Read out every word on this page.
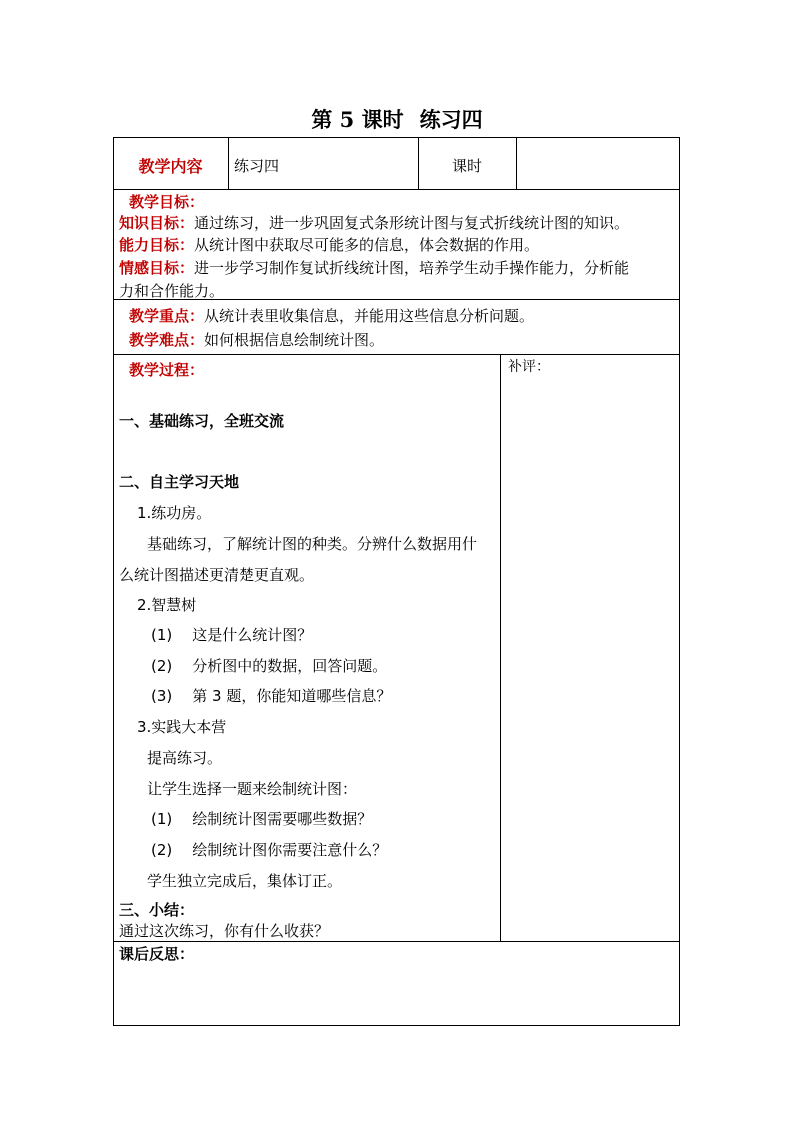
第 5 课时 练习四
教学内容	练习四	课时
教学目标：
知识目标：通过练习，进一步巩固复式条形统计图与复式折线统计图的知识。
能力目标：从统计图中获取尽可能多的信息，体会数据的作用。
情感目标：进一步学习制作复试折线统计图，培养学生动手操作能力，分析能
力和合作能力。
教学重点：从统计表里收集信息，并能用这些信息分析问题。
教学难点：如何根据信息绘制统计图。
补评：
教学过程：
一、基础练习，全班交流
二、自主学习天地
1.练功房。
基础练习，了解统计图的种类。分辨什么数据用什
么统计图描述更清楚更直观。
2.智慧树
(1) 这是什么统计图？
(2) 分析图中的数据，回答问题。
(3) 第 3 题，你能知道哪些信息？
3.实践大本营
提高练习。
让学生选择一题来绘制统计图：
(1) 绘制统计图需要哪些数据？
(2) 绘制统计图你需要注意什么？
学生独立完成后，集体订正。
三、小结：
通过这次练习，你有什么收获？
课后反思：
